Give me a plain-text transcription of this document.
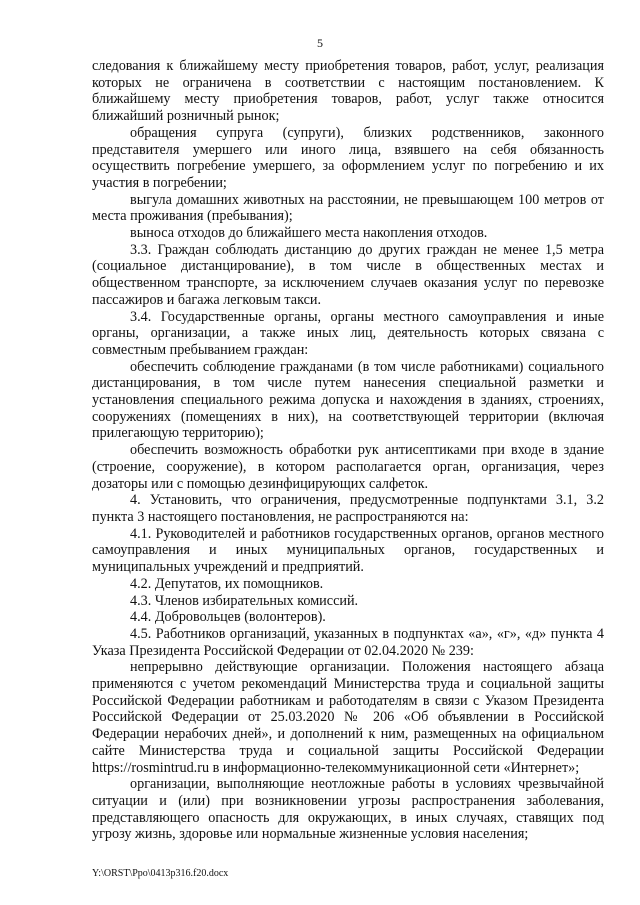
5

следования к ближайшему месту приобретения товаров, работ, услуг, реализация которых не ограничена в соответствии с настоящим постановлением. К ближайшему месту приобретения товаров, работ, услуг также относится ближайший розничный рынок;

обращения супруга (супруги), близких родственников, законного представителя умершего или иного лица, взявшего на себя обязанность осуществить погребение умершего, за оформлением услуг по погребению и их участия в погребении;

выгула домашних животных на расстоянии, не превышающем 100 метров от места проживания (пребывания);

выноса отходов до ближайшего места накопления отходов.

3.3. Граждан соблюдать дистанцию до других граждан не менее 1,5 метра (социальное дистанцирование), в том числе в общественных местах и общественном транспорте, за исключением случаев оказания услуг по перевозке пассажиров и багажа легковым такси.

3.4. Государственные органы, органы местного самоуправления и иные органы, организации, а также иных лиц, деятельность которых связана с совместным пребыванием граждан:

обеспечить соблюдение гражданами (в том числе работниками) социального дистанцирования, в том числе путем нанесения специальной разметки и установления специального режима допуска и нахождения в зданиях, строениях, сооружениях (помещениях в них), на соответствующей территории (включая прилегающую территорию);

обеспечить возможность обработки рук антисептиками при входе в здание (строение, сооружение), в котором располагается орган, организация, через дозаторы или с помощью дезинфицирующих салфеток.

4. Установить, что ограничения, предусмотренные подпунктами 3.1, 3.2 пункта 3 настоящего постановления, не распространяются на:

4.1. Руководителей и работников государственных органов, органов местного самоуправления и иных муниципальных органов, государственных и муниципальных учреждений и предприятий.

4.2. Депутатов, их помощников.

4.3. Членов избирательных комиссий.

4.4. Добровольцев (волонтеров).

4.5. Работников организаций, указанных в подпунктах «а», «г», «д» пункта 4 Указа Президента Российской Федерации от 02.04.2020 № 239:

непрерывно действующие организации. Положения настоящего абзаца применяются с учетом рекомендаций Министерства труда и социальной защиты Российской Федерации работникам и работодателям в связи с Указом Президента Российской Федерации от 25.03.2020 № 206 «Об объявлении в Российской Федерации нерабочих дней», и дополнений к ним, размещенных на официальном сайте Министерства труда и социальной защиты Российской Федерации https://rosmintrud.ru в информационно-телекоммуникационной сети «Интернет»;

организации, выполняющие неотложные работы в условиях чрезвычайной ситуации и (или) при возникновении угрозы распространения заболевания, представляющего опасность для окружающих, в иных случаях, ставящих под угрозу жизнь, здоровье или нормальные жизненные условия населения;

Y:\ORST\Ppo\0413p316.f20.docx
